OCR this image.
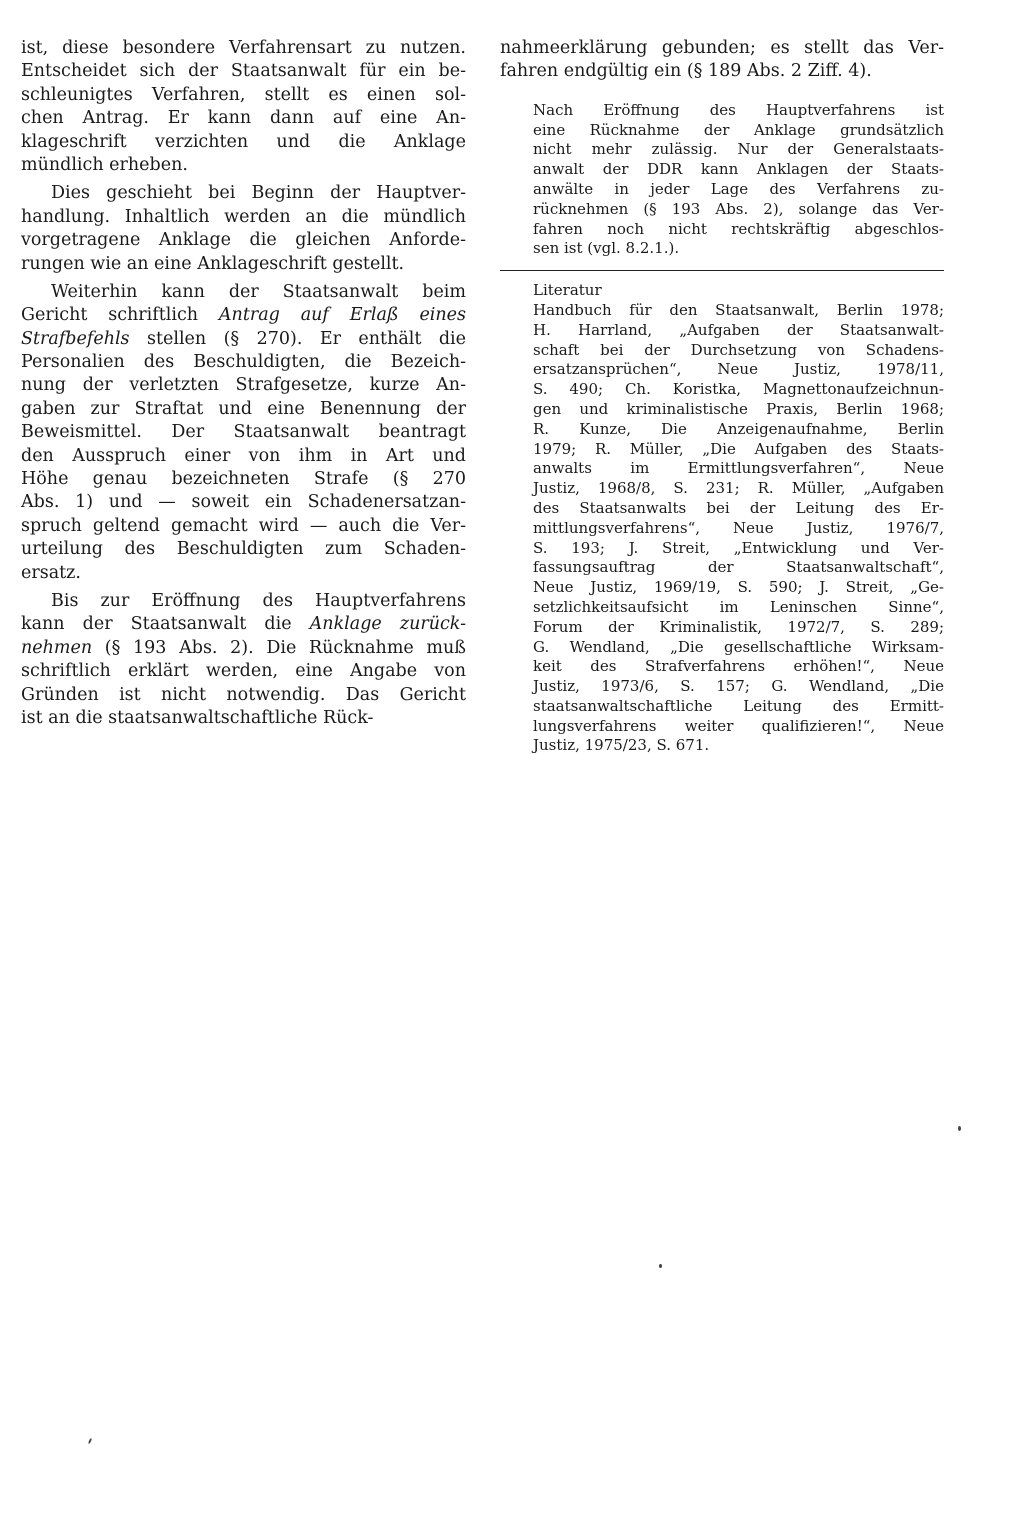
ist, diese besondere Verfahrensart zu nutzen.
Entscheidet sich der Staatsanwalt für ein be-
schleunigtes Verfahren, stellt es einen sol-
chen Antrag. Er kann dann auf eine An-
klageschrift verzichten und die Anklage
mündlich erheben.
Dies geschieht bei Beginn der Hauptver-
handlung. Inhaltlich werden an die mündlich
vorgetragene Anklage die gleichen Anforde-
rungen wie an eine Anklageschrift gestellt.
Weiterhin kann der Staatsanwalt beim
Gericht schriftlich Antrag auf Erlaß eines
Strafbefehls stellen (§ 270). Er enthält die
Personalien des Beschuldigten, die Bezeich-
nung der verletzten Strafgesetze, kurze An-
gaben zur Straftat und eine Benennung der
Beweismittel. Der Staatsanwalt beantragt
den Ausspruch einer von ihm in Art und
Höhe genau bezeichneten Strafe (§ 270
Abs. 1) und — soweit ein Schadenersatzan-
spruch geltend gemacht wird — auch die Ver-
urteilung des Beschuldigten zum Schaden-
ersatz.
Bis zur Eröffnung des Hauptverfahrens
kann der Staatsanwalt die Anklage zurück-
nehmen (§ 193 Abs. 2). Die Rücknahme muß
schriftlich erklärt werden, eine Angabe von
Gründen ist nicht notwendig. Das Gericht
ist an die staatsanwaltschaftliche Rück-
nahmeerklärung gebunden; es stellt das Ver-
fahren endgültig ein (§ 189 Abs. 2 Ziff. 4).
Nach Eröffnung des Hauptverfahrens ist
eine Rücknahme der Anklage grundsätzlich
nicht mehr zulässig. Nur der Generalstaats-
anwalt der DDR kann Anklagen der Staats-
anwälte in jeder Lage des Verfahrens zu-
rücknehmen (§ 193 Abs. 2), solange das Ver-
fahren noch nicht rechtskräftig abgeschlos-
sen ist (vgl. 8.2.1.).
Literatur
Handbuch für den Staatsanwalt, Berlin 1978;
H. Harrland, „Aufgaben der Staatsanwalt-
schaft bei der Durchsetzung von Schadens-
ersatzansprüchen“, Neue Justiz, 1978/11,
S. 490; Ch. Koristka, Magnettonaufzeichnun-
gen und kriminalistische Praxis, Berlin 1968;
R. Kunze, Die Anzeigenaufnahme, Berlin
1979; R. Müller, „Die Aufgaben des Staats-
anwalts im Ermittlungsverfahren“, Neue
Justiz, 1968/8, S. 231; R. Müller, „Aufgaben
des Staatsanwalts bei der Leitung des Er-
mittlungsverfahrens“, Neue Justiz, 1976/7,
S. 193; J. Streit, „Entwicklung und Ver-
fassungsauftrag der Staatsanwaltschaft“,
Neue Justiz, 1969/19, S. 590; J. Streit, „Ge-
setzlichkeitsaufsicht im Leninschen Sinne“,
Forum der Kriminalistik, 1972/7, S. 289;
G. Wendland, „Die gesellschaftliche Wirksam-
keit des Strafverfahrens erhöhen!“, Neue
Justiz, 1973/6, S. 157; G. Wendland, „Die
staatsanwaltschaftliche Leitung des Ermitt-
lungsverfahrens weiter qualifizieren!“, Neue
Justiz, 1975/23, S. 671.
